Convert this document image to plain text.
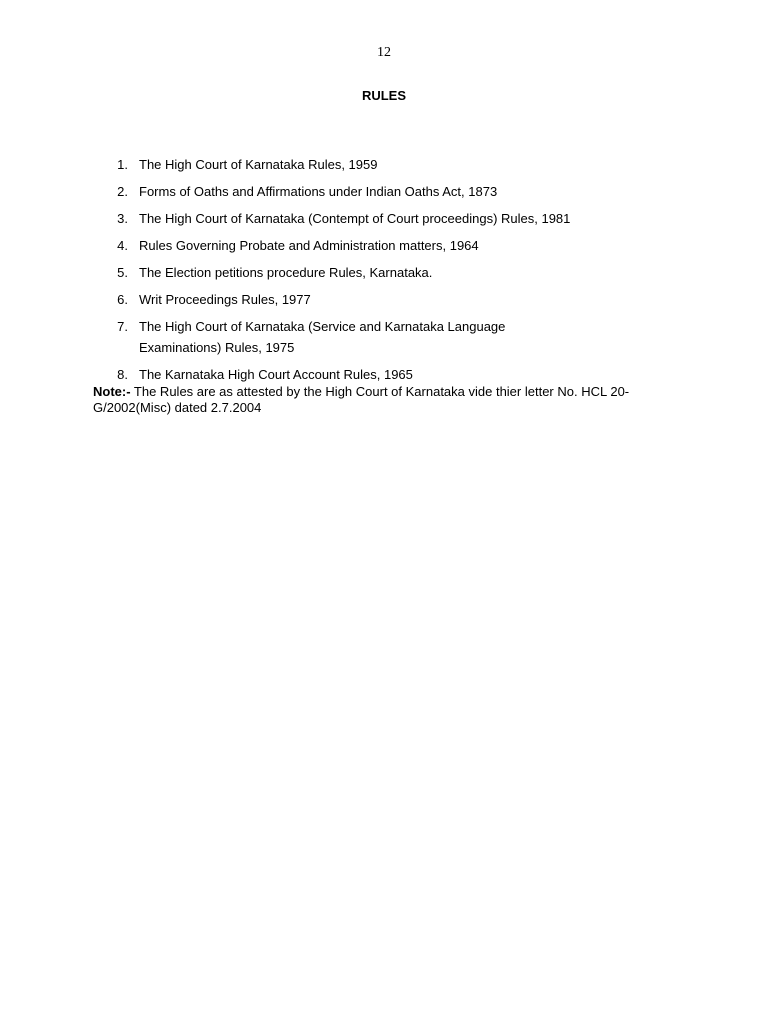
12
RULES
1. The High Court of Karnataka Rules, 1959
2. Forms of Oaths and Affirmations under Indian Oaths Act, 1873
3. The High Court of Karnataka (Contempt of Court proceedings) Rules, 1981
4. Rules Governing Probate and Administration matters, 1964
5. The Election petitions procedure Rules, Karnataka.
6. Writ Proceedings Rules, 1977
7. The High Court of Karnataka (Service and Karnataka Language Examinations) Rules, 1975
8. The Karnataka High Court Account Rules, 1965
Note:- The Rules are as attested by the High Court of Karnataka vide thier letter No. HCL 20-G/2002(Misc) dated 2.7.2004
